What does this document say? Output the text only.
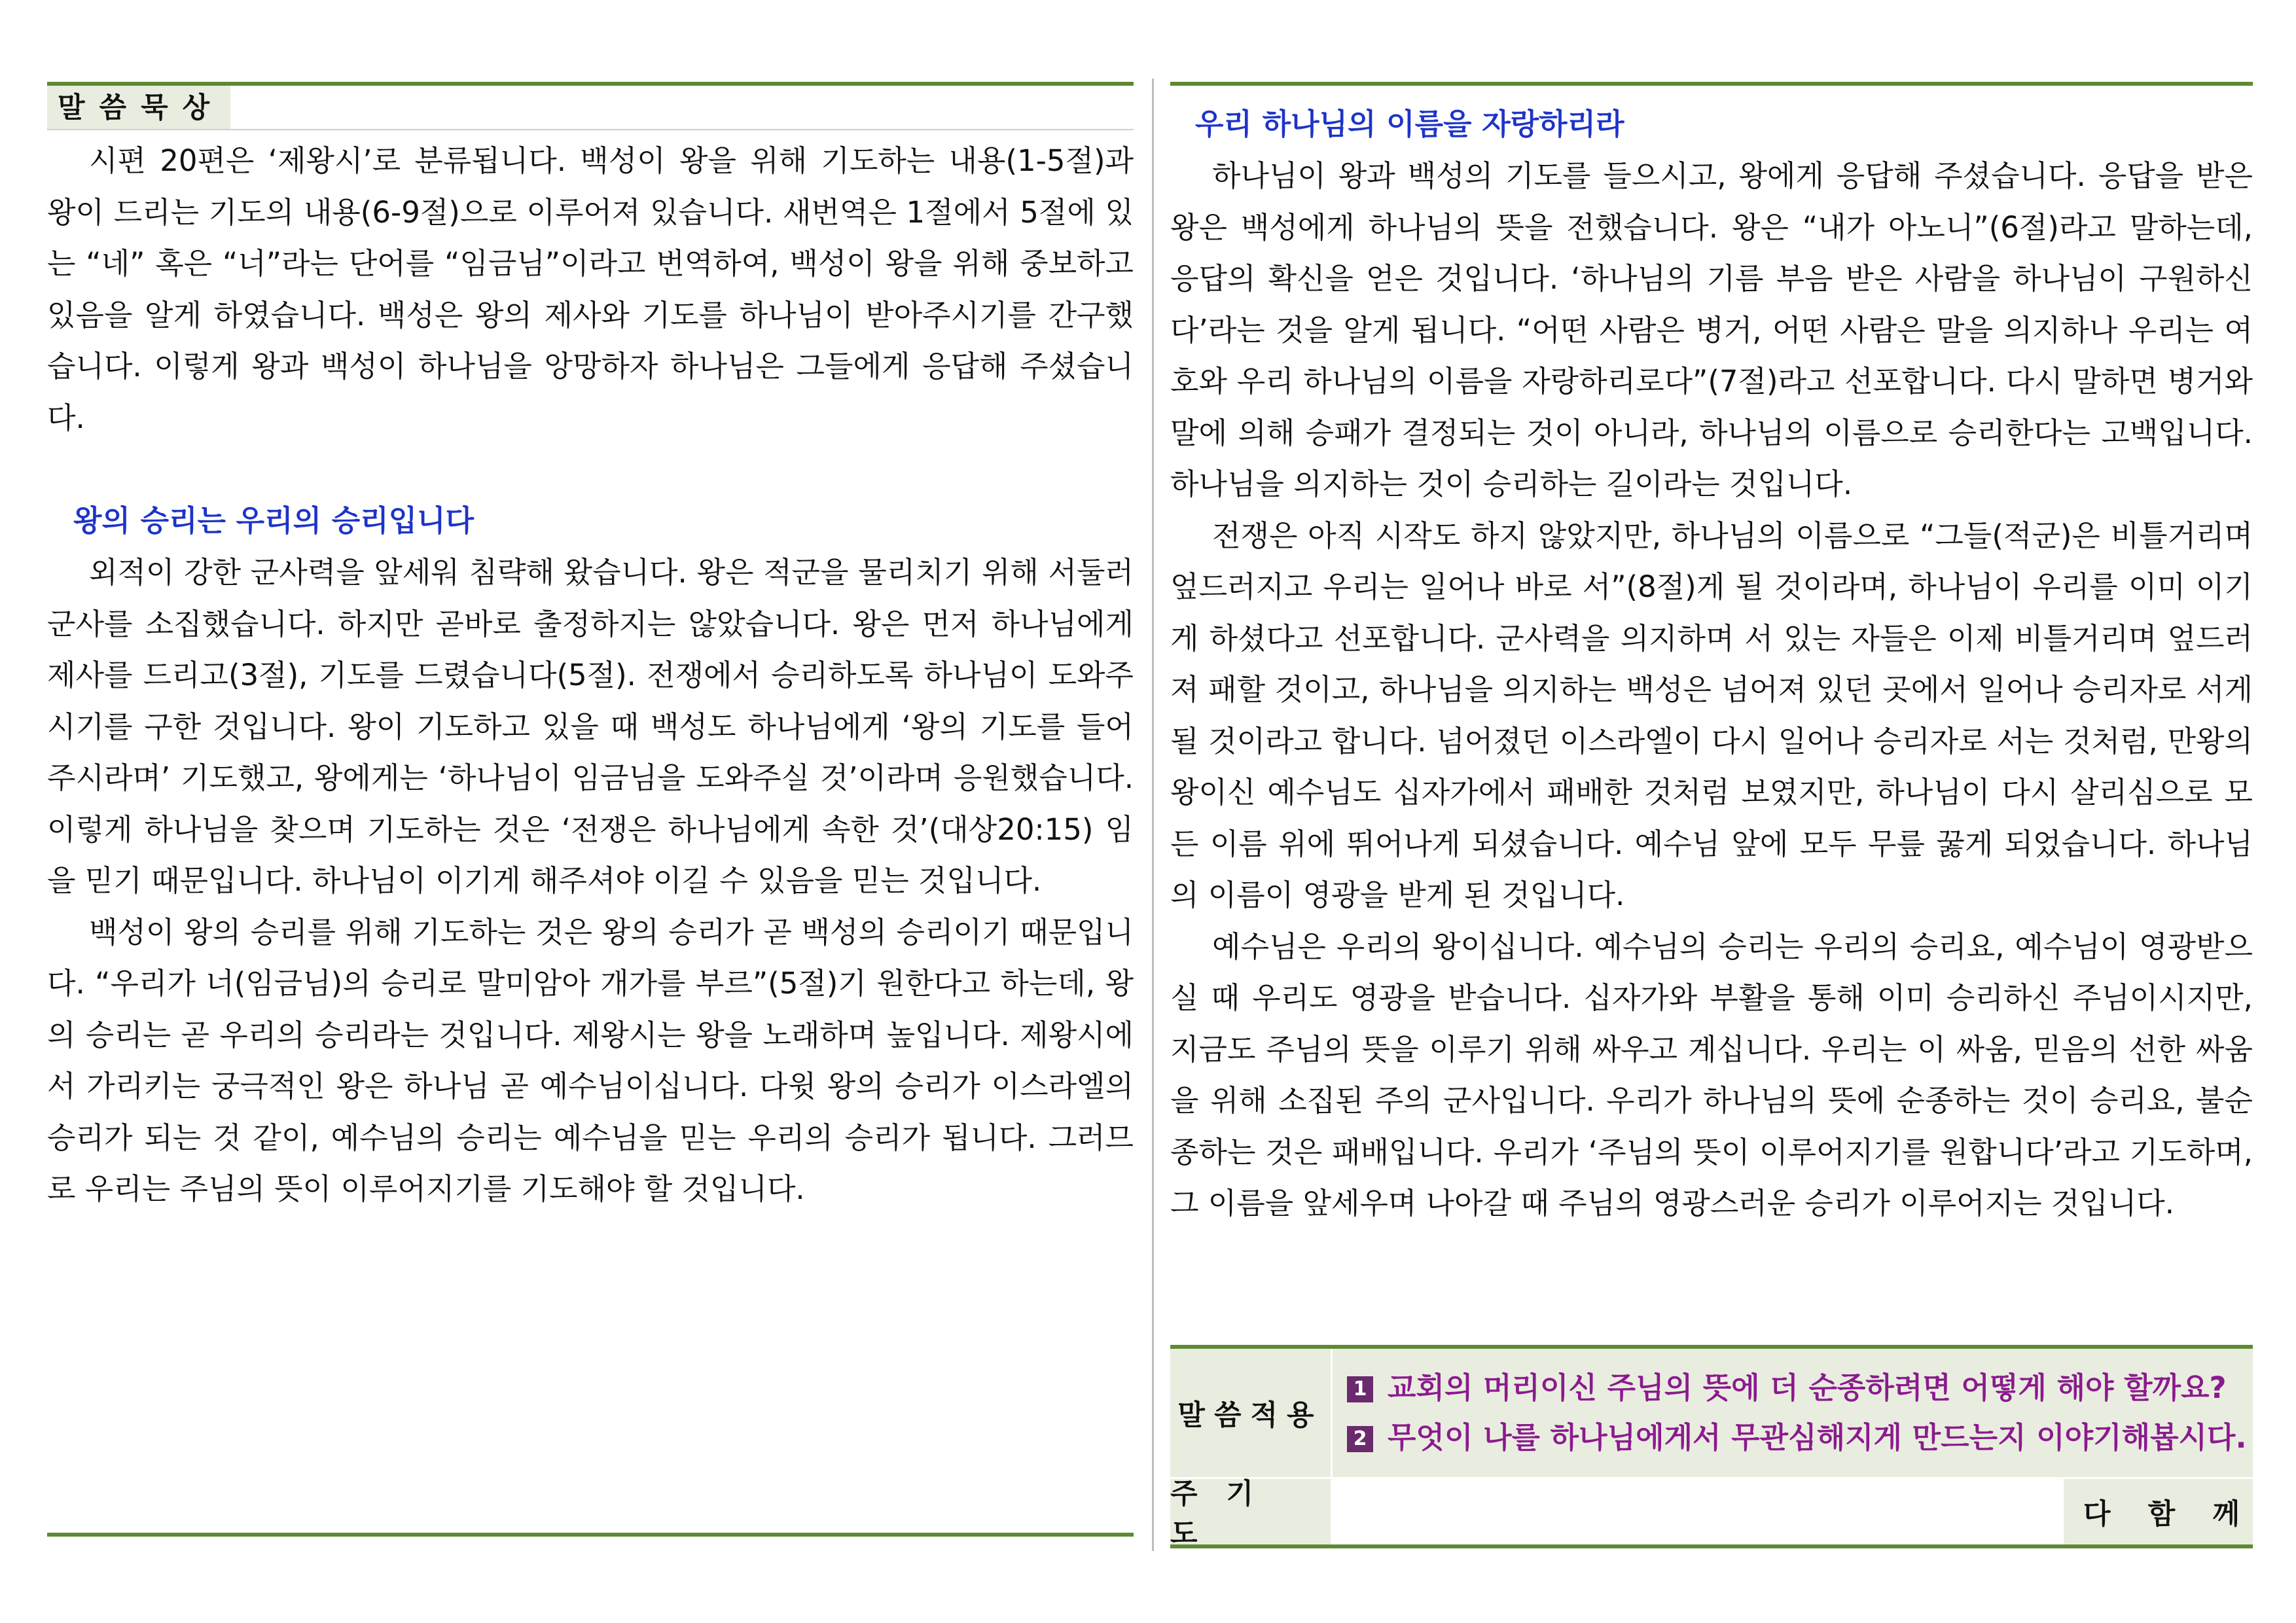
말씀묵상

시편 20편은 ‘제왕시’로 분류됩니다. 백성이 왕을 위해 기도하는 내용(1-5절)과 왕이 드리는 기도의 내용(6-9절)으로 이루어져 있습니다. 새번역은 1절에서 5절에 있는 “네” 혹은 “너”라는 단어를 “임금님”이라고 번역하여, 백성이 왕을 위해 중보하고 있음을 알게 하였습니다. 백성은 왕의 제사와 기도를 하나님이 받아주시기를 간구했습니다. 이렇게 왕과 백성이 하나님을 앙망하자 하나님은 그들에게 응답해 주셨습니다.

왕의 승리는 우리의 승리입니다

외적이 강한 군사력을 앞세워 침략해 왔습니다. 왕은 적군을 물리치기 위해 서둘러 군사를 소집했습니다. 하지만 곧바로 출정하지는 않았습니다. 왕은 먼저 하나님에게 제사를 드리고(3절), 기도를 드렸습니다(5절). 전쟁에서 승리하도록 하나님이 도와주시기를 구한 것입니다. 왕이 기도하고 있을 때 백성도 하나님에게 ‘왕의 기도를 들어주시라며’ 기도했고, 왕에게는 ‘하나님이 임금님을 도와주실 것’이라며 응원했습니다. 이렇게 하나님을 찾으며 기도하는 것은 ‘전쟁은 하나님에게 속한 것’(대상20:15) 임을 믿기 때문입니다. 하나님이 이기게 해주셔야 이길 수 있음을 믿는 것입니다.

백성이 왕의 승리를 위해 기도하는 것은 왕의 승리가 곧 백성의 승리이기 때문입니다. “우리가 너(임금님)의 승리로 말미암아 개가를 부르”(5절)기 원한다고 하는데, 왕의 승리는 곧 우리의 승리라는 것입니다. 제왕시는 왕을 노래하며 높입니다. 제왕시에서 가리키는 궁극적인 왕은 하나님 곧 예수님이십니다. 다윗 왕의 승리가 이스라엘의 승리가 되는 것 같이, 예수님의 승리는 예수님을 믿는 우리의 승리가 됩니다. 그러므로 우리는 주님의 뜻이 이루어지기를 기도해야 할 것입니다.

우리 하나님의 이름을 자랑하리라

하나님이 왕과 백성의 기도를 들으시고, 왕에게 응답해 주셨습니다. 응답을 받은 왕은 백성에게 하나님의 뜻을 전했습니다. 왕은 “내가 아노니”(6절)라고 말하는데, 응답의 확신을 얻은 것입니다. ‘하나님의 기름 부음 받은 사람을 하나님이 구원하신다’라는 것을 알게 됩니다. “어떤 사람은 병거, 어떤 사람은 말을 의지하나 우리는 여호와 우리 하나님의 이름을 자랑하리로다”(7절)라고 선포합니다. 다시 말하면 병거와 말에 의해 승패가 결정되는 것이 아니라, 하나님의 이름으로 승리한다는 고백입니다. 하나님을 의지하는 것이 승리하는 길이라는 것입니다.

전쟁은 아직 시작도 하지 않았지만, 하나님의 이름으로 “그들(적군)은 비틀거리며 엎드러지고 우리는 일어나 바로 서”(8절)게 될 것이라며, 하나님이 우리를 이미 이기게 하셨다고 선포합니다. 군사력을 의지하며 서 있는 자들은 이제 비틀거리며 엎드러져 패할 것이고, 하나님을 의지하는 백성은 넘어져 있던 곳에서 일어나 승리자로 서게 될 것이라고 합니다. 넘어졌던 이스라엘이 다시 일어나 승리자로 서는 것처럼, 만왕의 왕이신 예수님도 십자가에서 패배한 것처럼 보였지만, 하나님이 다시 살리심으로 모든 이름 위에 뛰어나게 되셨습니다. 예수님 앞에 모두 무릎 꿇게 되었습니다. 하나님의 이름이 영광을 받게 된 것입니다.

예수님은 우리의 왕이십니다. 예수님의 승리는 우리의 승리요, 예수님이 영광받으실 때 우리도 영광을 받습니다. 십자가와 부활을 통해 이미 승리하신 주님이시지만, 지금도 주님의 뜻을 이루기 위해 싸우고 계십니다. 우리는 이 싸움, 믿음의 선한 싸움을 위해 소집된 주의 군사입니다. 우리가 하나님의 뜻에 순종하는 것이 승리요, 불순종하는 것은 패배입니다. 우리가 ‘주님의 뜻이 이루어지기를 원합니다’라고 기도하며, 그 이름을 앞세우며 나아갈 때 주님의 영광스러운 승리가 이루어지는 것입니다.

말씀적용
1 교회의 머리이신 주님의 뜻에 더 순종하려면 어떻게 해야 할까요?
2 무엇이 나를 하나님에게서 무관심해지게 만드는지 이야기해봅시다.
주기도
다 함 께
